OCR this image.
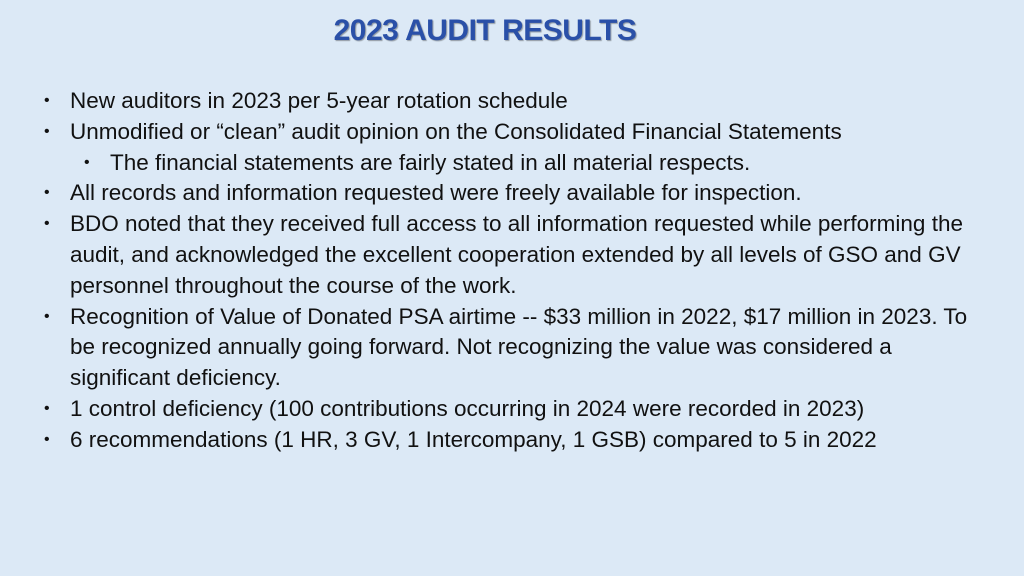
2023 AUDIT RESULTS
• New auditors in 2023 per 5-year rotation schedule
• Unmodified or “clean” audit opinion on the Consolidated Financial Statements
• The financial statements are fairly stated in all material respects.
• All records and information requested were freely available for inspection.
• BDO noted that they received full access to all information requested while performing the audit, and acknowledged the excellent cooperation extended by all levels of GSO and GV personnel throughout the course of the work.
• Recognition of Value of Donated PSA airtime -- $33 million in 2022, $17 million in 2023. To be recognized annually going forward. Not recognizing the value was considered a significant deficiency.
• 1 control deficiency (100 contributions occurring in 2024 were recorded in 2023)
• 6 recommendations (1 HR, 3 GV, 1 Intercompany, 1 GSB) compared to 5 in 2022
